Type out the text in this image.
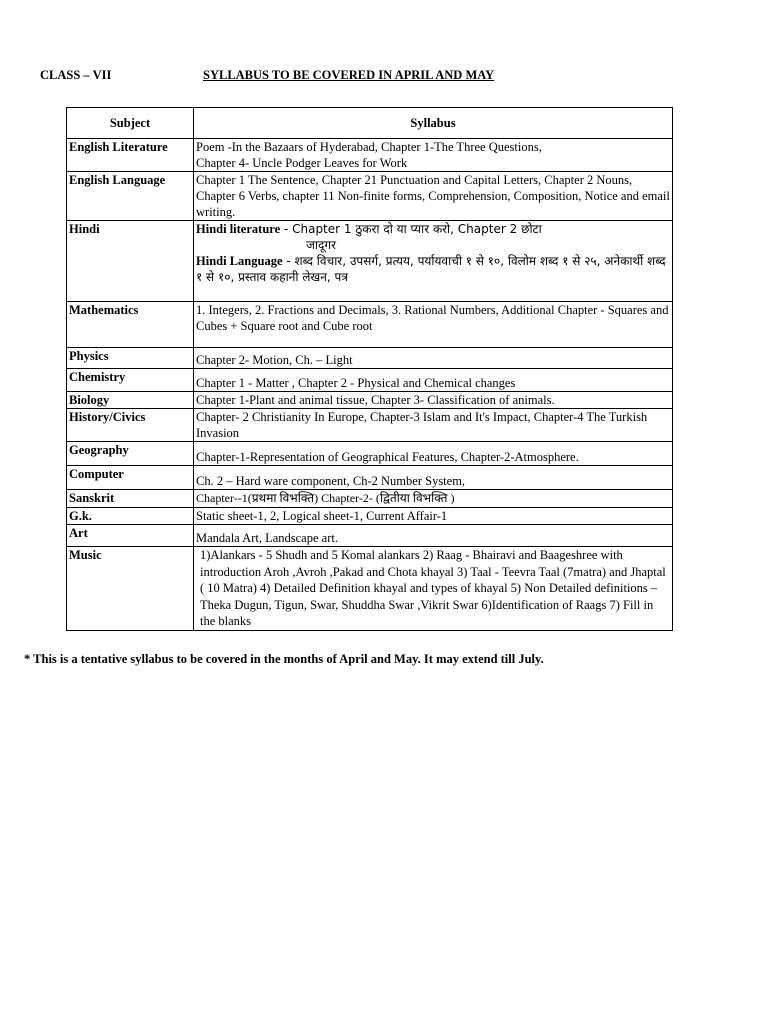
CLASS – VII	SYLLABUS TO BE COVERED IN APRIL AND MAY
Subject	Syllabus
English Literature	Poem -In the Bazaars of Hyderabad, Chapter 1-The Three Questions,
Chapter 4- Uncle Podger Leaves for Work

English Language	Chapter 1 The Sentence, Chapter 21 Punctuation and Capital Letters, Chapter 2 Nouns, Chapter 6 Verbs, chapter 11 Non-finite forms, Comprehension, Composition, Notice and email writing.
Hindi	Hindi literature - Chapter 1 ठुकरा दो या प्यार करो, Chapter 2 छोटा
जादूगर
Hindi Language - शब्द विचार, उपसर्ग, प्रत्यय, पर्यायवाची १ से १०, विलोम शब्द १ से २५, अनेकार्थी शब्द १ से १०, प्रस्ताव कहानी लेखन, पत्र

Mathematics	1. Integers, 2. Fractions and Decimals, 3. Rational Numbers, Additional Chapter - Squares and Cubes + Square root and Cube root
Physics	Chapter 2- Motion, Ch. – Light
Chemistry	Chapter 1 - Matter , Chapter 2 - Physical and Chemical changes
Biology	Chapter 1-Plant and animal tissue, Chapter 3- Classification of animals.
History/Civics	Chapter- 2 Christianity In Europe, Chapter-3 Islam and It's Impact, Chapter-4 The Turkish Invasion
Geography	Chapter-1-Representation of Geographical Features, Chapter-2-Atmosphere.
Computer	Ch. 2 – Hard ware component, Ch-2 Number System,
Sanskrit	Chapter--1(प्रथमा विभक्ति) Chapter-2- (द्वितीया विभक्ति )
G.k.	Static sheet-1, 2, Logical sheet-1, Current Affair-1
Art	Mandala Art, Landscape art.
Music	1)Alankars - 5 Shudh and 5 Komal alankars 2) Raag - Bhairavi and Baageshree with introduction Aroh ,Avroh ,Pakad and Chota khayal 3) Taal - Teevra Taal (7matra) and Jhaptal ( 10 Matra) 4) Detailed Definition khayal and types of khayal 5) Non Detailed definitions – Theka Dugun, Tigun, Swar, Shuddha Swar ,Vikrit Swar 6)Identification of Raags 7) Fill in the blanks
* This is a tentative syllabus to be covered in the months of April and May. It may extend till July.
